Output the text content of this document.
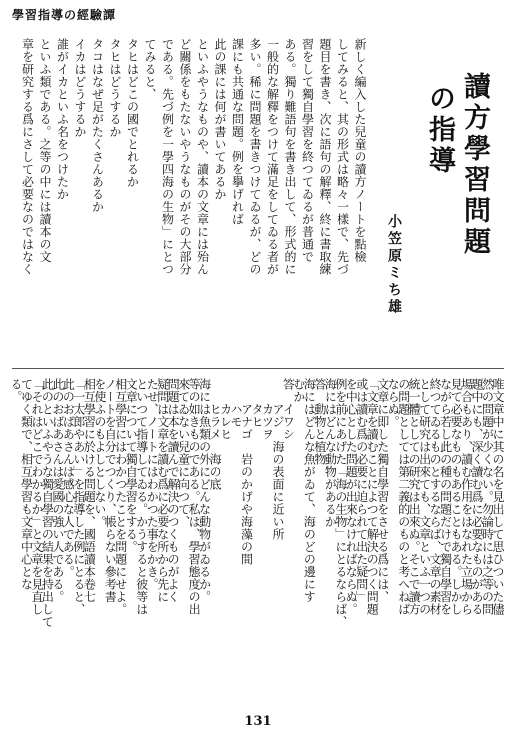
學習指導の經驗譚
讀方學習問題
の指導
小笠原ミち雄
新しく編入した兒童の讀方ノートを點檢
してみると、其の形式は略々一樣で、先づ
題目を書き、次に語句の解釋、終に書取練
習をして獨自學習を終つてゐるが普通で
ある。獨り難語句を書き出して、形式的に
一般的な解釋をつけて滿足をしてゐる者が
多い。稀に問題を書きつけてゐるが、どの
課にも共通な問題。例を擧げれば
此の課には何が書いてあるか
といふやうなものや、讀本の文章には殆ん
ど關係をもたないやうなものがその大部分
である。先づ例を一學四海の生物」にとつ
てみると、
タヒはどこの國でとれるか
タヒはどうするか
タコはなぜ足がたくさんあるか
イカはどうするか
誰がイカといふ名をつけたか
といふ類である。之等の中には讀本の文
章を研究する爲にさして必要なのではなく
唯文章中に其の名を見出して思ひついた儘
然の問題が少くない。勿論時には之等の問
題中にも、深く讀む爲に必要なものがある
場合もあり、讀む作用をはなれた立場から
見て必要なものもあることもある。しかし
ながら若し此の種の問題だけで獨自學習を
終つてゐるものとするならば、文章の素材
として研究は出來ても、文章といふ一つの
統一體としての研究は出來ぬ。そこで讀方
の問題としては第二義的のものと考へねば
ならぬ。
文章に即した獨自學習をさせる爲には、
「文章を讀むことによつて解決のつく問題
或は讀む爲の必要に迫られて出た疑問」
を中心とした問題が出來なければならぬ。
例を前にあげた「海の生物」にとるならば、
海にはどんな動物があるか
答　動物と植物
海にはどんな魚がゐて、海のどの邊にす
むか
答　イワシ
　　アジ　海の表面に近い所
　　カツヲ
　　タヒ
　　アナゴ　岩のかげや海藻の間
　　ハモ
　　カレヒ
　　ヒラメ　海の底
海には魚類の外にどんな動物がゐるか。
等の如きものである。私は、學習態度の出
來てゐない兒童に向つて、
問題は本を讀んで解決のつくものがよく
疑問は文章を讀む爲に必要な所から先に
たせ、ノートにはわかつた事をかき。
といつて指導してゐる。かうすると彼等は
文章について獨自學習をする。
相互學習にはわかつたことを問題にせよ。
ノートを自分でつくり、帳らない參考書
を使ふのもよしとしない。
相互學習に於ける問題を、國語讀本卷七
「一太郎やあい」を指導した例にとると、
此のおばあさんは感心な人である。
此のおばあさんは愛國の強い人である。
此のといふやうな獨自學習の結果を持出して
「それはどこでわかるか」と文章を見直し
てゆく類で、相互學習も文章中心とな
る。
131
